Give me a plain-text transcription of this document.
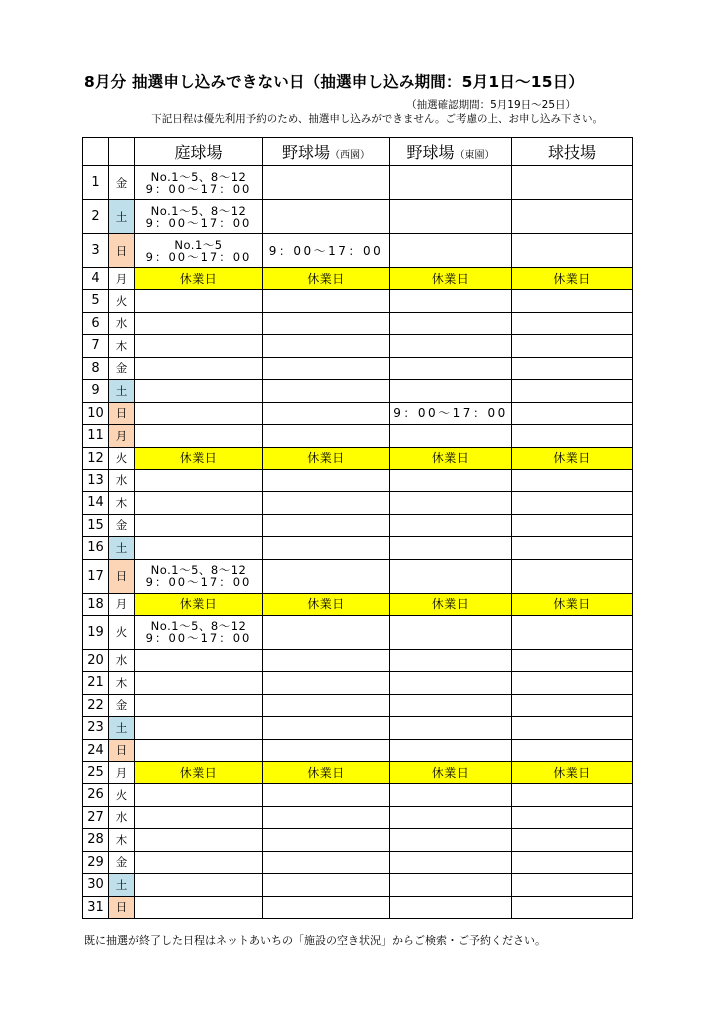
8月分 抽選申し込みできない日（抽選申し込み期間：5月1日～15日）
（抽選確認期間：5月19日～25日）
下記日程は優先利用予約のため、抽選申し込みができません。ご考慮の上、お申し込み下さい。
		庭球場	野球場（西園）	野球場（東園）	球技場
1	金	No.1～5、8～12
9：00～17：00			

2	土	No.1～5、8～12
9：00～17：00			

3	日	No.1～5
9：00～17：00	9：00～17：00		
4	月	休業日	休業日	休業日	休業日
5	火				
6	水				
7	木				
8	金				
9	土				
10	日			9：00～17：00	
11	月				
12	火	休業日	休業日	休業日	休業日
13	水				
14	木				
15	金				
16	土				
17	日	No.1～5、8～12
9：00～17：00			

18	月	休業日	休業日	休業日	休業日
19	火	No.1～5、8～12
9：00～17：00			

20	水				
21	木				
22	金				
23	土				
24	日				
25	月	休業日	休業日	休業日	休業日
26	火				
27	水				
28	木				
29	金				
30	土				
31	日				
既に抽選が終了した日程はネットあいちの「施設の空き状況」からご検索・ご予約ください。
